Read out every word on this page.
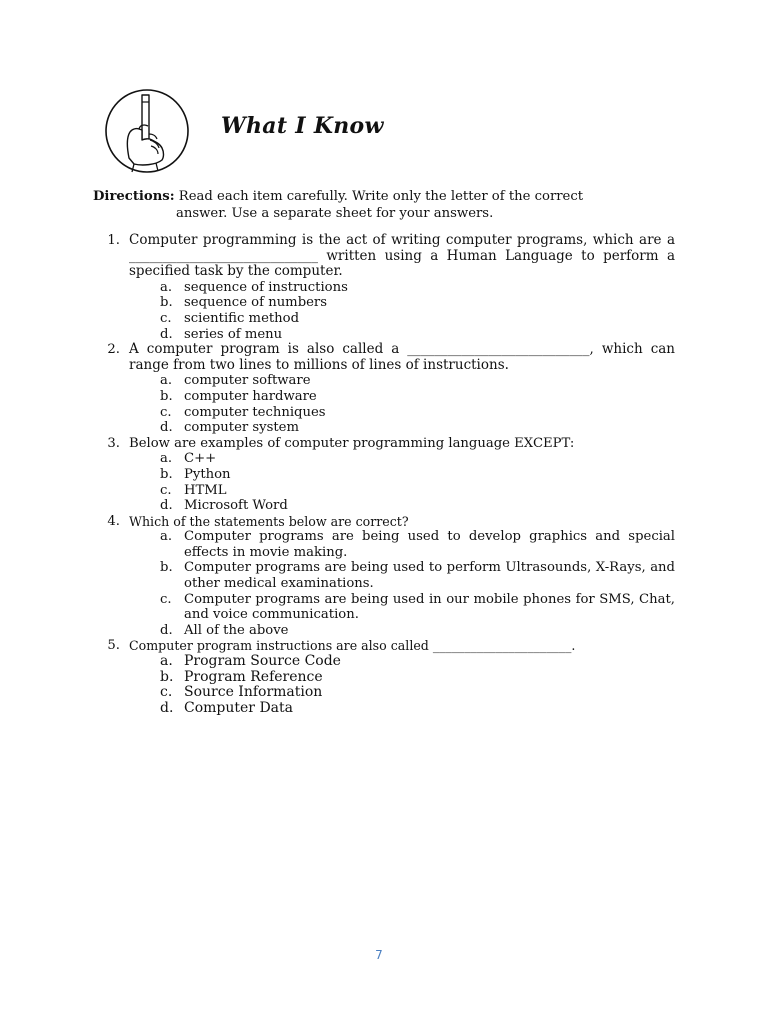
What I Know
Directions: Read each item carefully. Write only the letter of the correct
answer. Use a separate sheet for your answers.
1. Computer programming is the act of writing computer programs, which are a ____________________________ written using a Human Language to perform a specified task by the computer.
a. sequence of instructions
b. sequence of numbers
c. scientific method
d. series of menu
2. A computer program is also called a ___________________________, which can range from two lines to millions of lines of instructions.
a. computer software
b. computer hardware
c. computer techniques
d. computer system
3. Below are examples of computer programming language EXCEPT:
a. C++
b. Python
c. HTML
d. Microsoft Word
4. Which of the statements below are correct?
a. Computer programs are being used to develop graphics and special effects in movie making.
b. Computer programs are being used to perform Ultrasounds, X-Rays, and other medical examinations.
c. Computer programs are being used in our mobile phones for SMS, Chat, and voice communication.
d. All of the above
5. Computer program instructions are also called ______________________.
a. Program Source Code
b. Program Reference
c. Source Information
d. Computer Data
7
